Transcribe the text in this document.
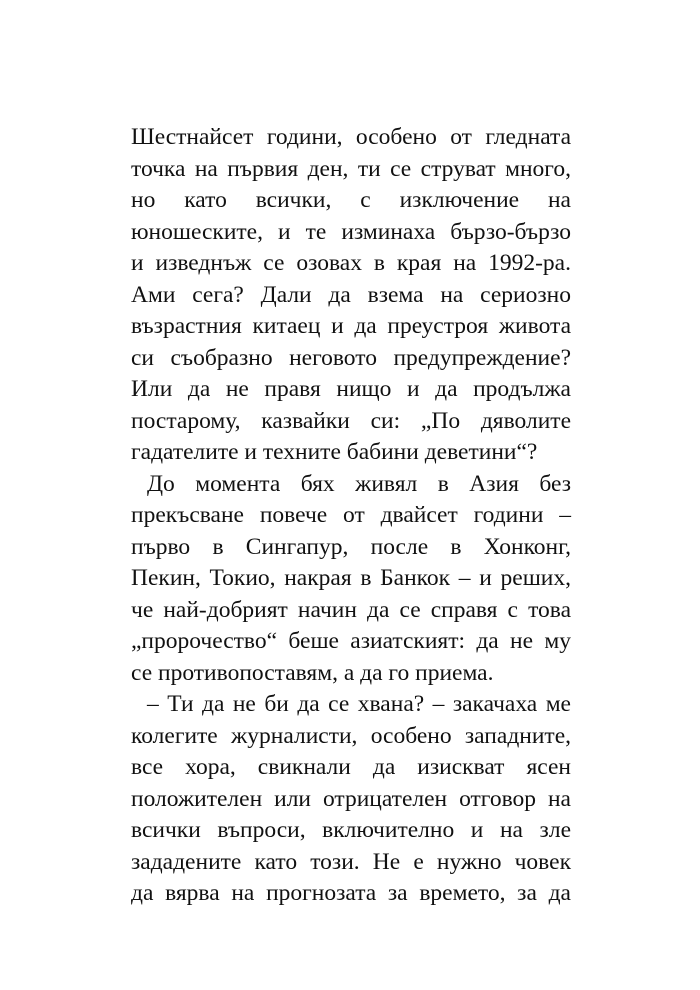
Шестнайсет години, особено от гледната
точка на първия ден, ти се струват много,
но като всички, с изключение на
юношеските, и те изминаха бързо-бързо
и изведнъж се озовах в края на 1992-ра.
Ами сега? Дали да взема на сериозно
възрастния китаец и да преустроя живота
си съобразно неговото предупреждение?
Или да не правя нищо и да продължа
постарому, казвайки си: „По дяволите
гадателите и техните бабини деветини“?
До момента бях живял в Азия без
прекъсване повече от двайсет години –
първо в Сингапур, после в Хонконг,
Пекин, Токио, накрая в Банкок – и реших,
че най-добрият начин да се справя с това
„пророчество“ беше азиатският: да не му
се противопоставям, а да го приема.
– Ти да не би да се хвана? – закачаха ме
колегите журналисти, особено западните,
все хора, свикнали да изискват ясен
положителен или отрицателен отговор на
всички въпроси, включително и на зле
зададените като този. Не е нужно човек
да вярва на прогнозата за времето, за да
